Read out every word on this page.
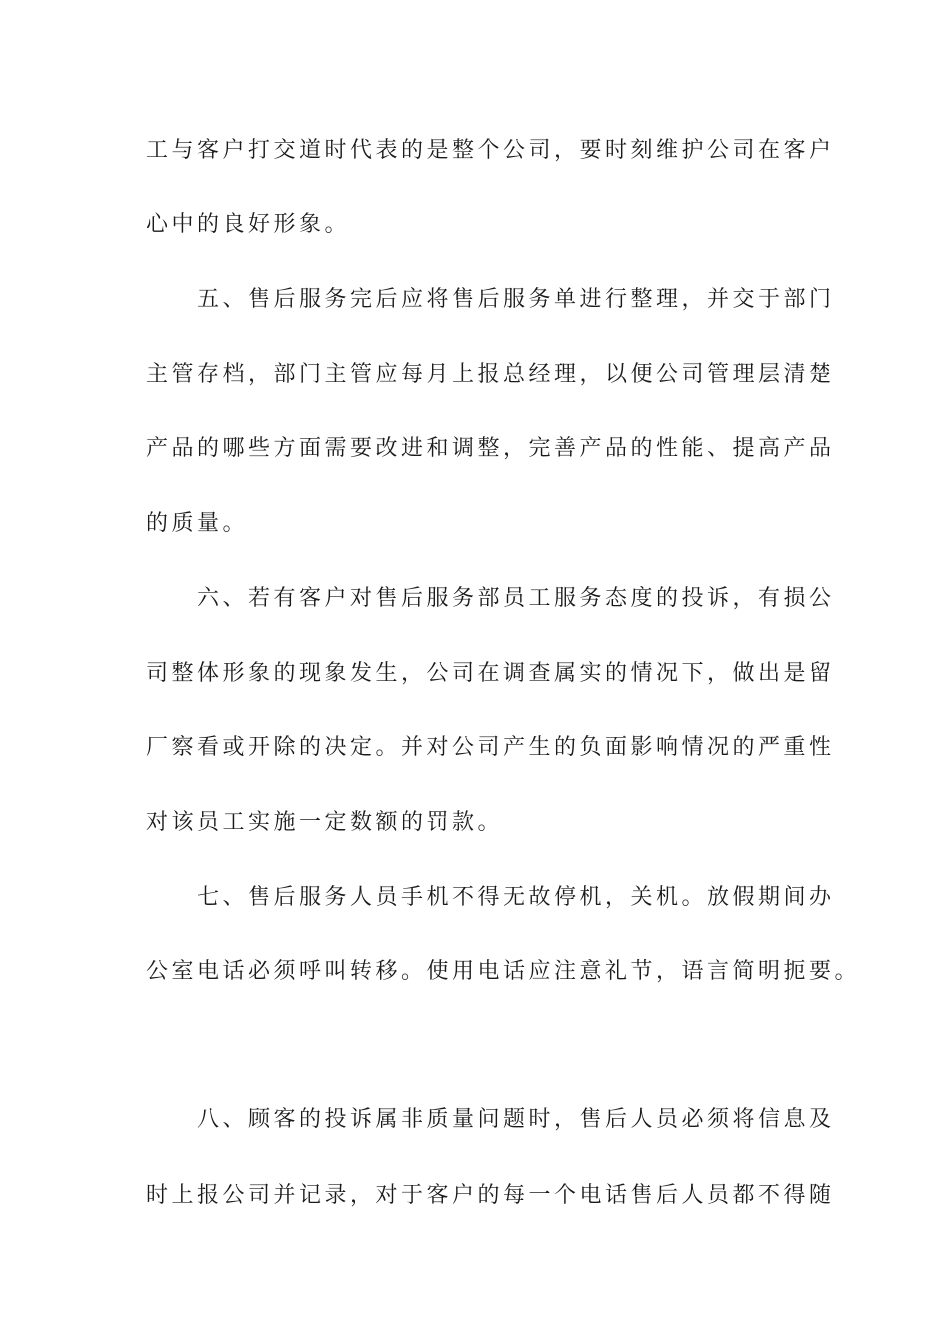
工与客户打交道时代表的是整个公司，要时刻维护公司在客户
心中的良好形象。
　　五、售后服务完后应将售后服务单进行整理，并交于部门
主管存档，部门主管应每月上报总经理，以便公司管理层清楚
产品的哪些方面需要改进和调整，完善产品的性能、提高产品
的质量。
　　六、若有客户对售后服务部员工服务态度的投诉，有损公
司整体形象的现象发生，公司在调查属实的情况下，做出是留
厂察看或开除的决定。并对公司产生的负面影响情况的严重性
对该员工实施一定数额的罚款。
　　七、售后服务人员手机不得无故停机，关机。放假期间办
公室电话必须呼叫转移。使用电话应注意礼节，语言简明扼要。
　　八、顾客的投诉属非质量问题时，售后人员必须将信息及
时上报公司并记录，对于客户的每一个电话售后人员都不得随
